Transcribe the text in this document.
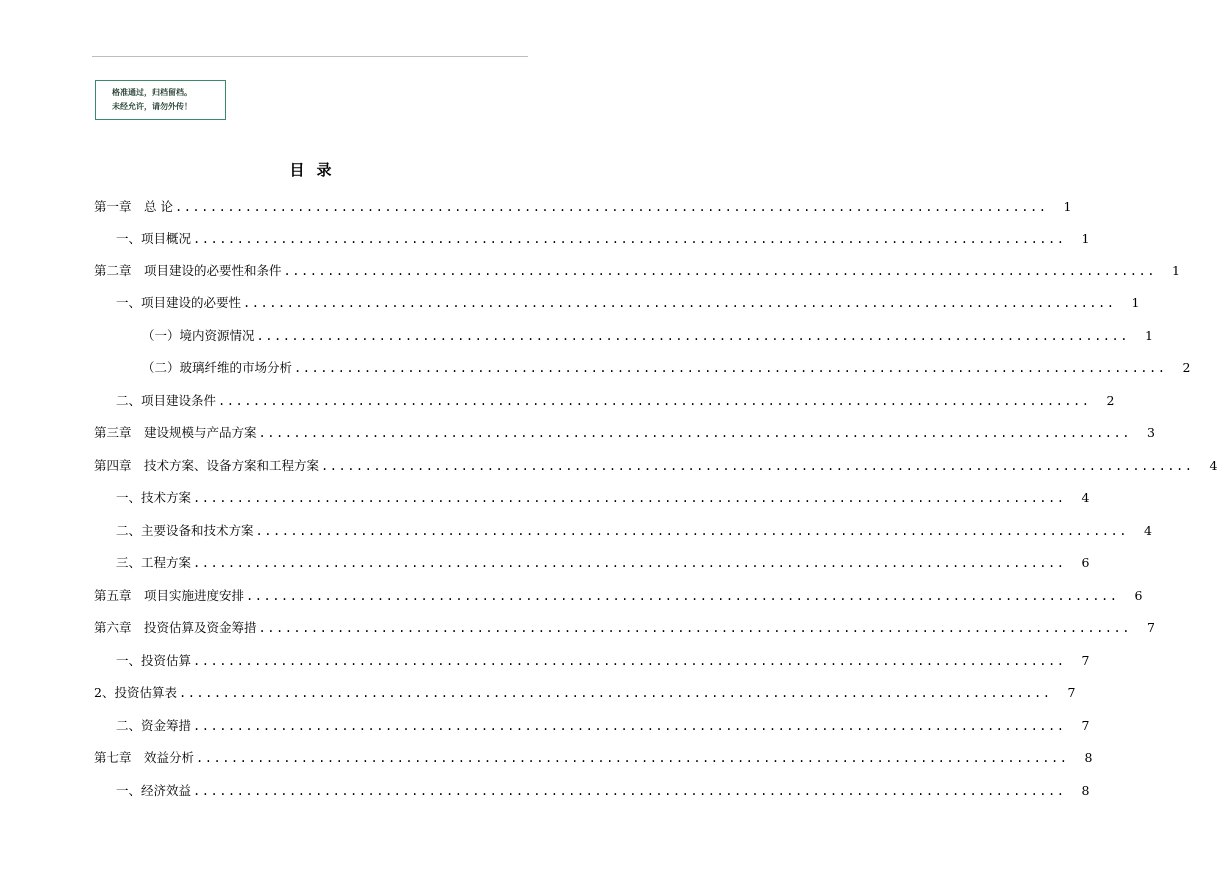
格准通过，归档留档。
未经允许，请勿外传！
目录
第一章　总 论 ....................................................................................................	1
一、项目概况 ....................................................................................................	1
第二章　项目建设的必要性和条件 ....................................................................................................	1
一、项目建设的必要性 ....................................................................................................	1
（一）境内资源情况 ....................................................................................................	1
（二）玻璃纤维的市场分析 ....................................................................................................	2
二、项目建设条件 ....................................................................................................	2
第三章　建设规模与产品方案 ....................................................................................................	3
第四章　技术方案、设备方案和工程方案 ....................................................................................................	4
一、技术方案 ....................................................................................................	4
二、主要设备和技术方案 ....................................................................................................	4
三、工程方案 ....................................................................................................	6
第五章　项目实施进度安排 ....................................................................................................	6
第六章　投资估算及资金筹措 ....................................................................................................	7
一、投资估算 ....................................................................................................	7
2、投资估算表 ....................................................................................................	7
二、资金筹措 ....................................................................................................	7
第七章　效益分析 ....................................................................................................	8
一、经济效益 ....................................................................................................	8
